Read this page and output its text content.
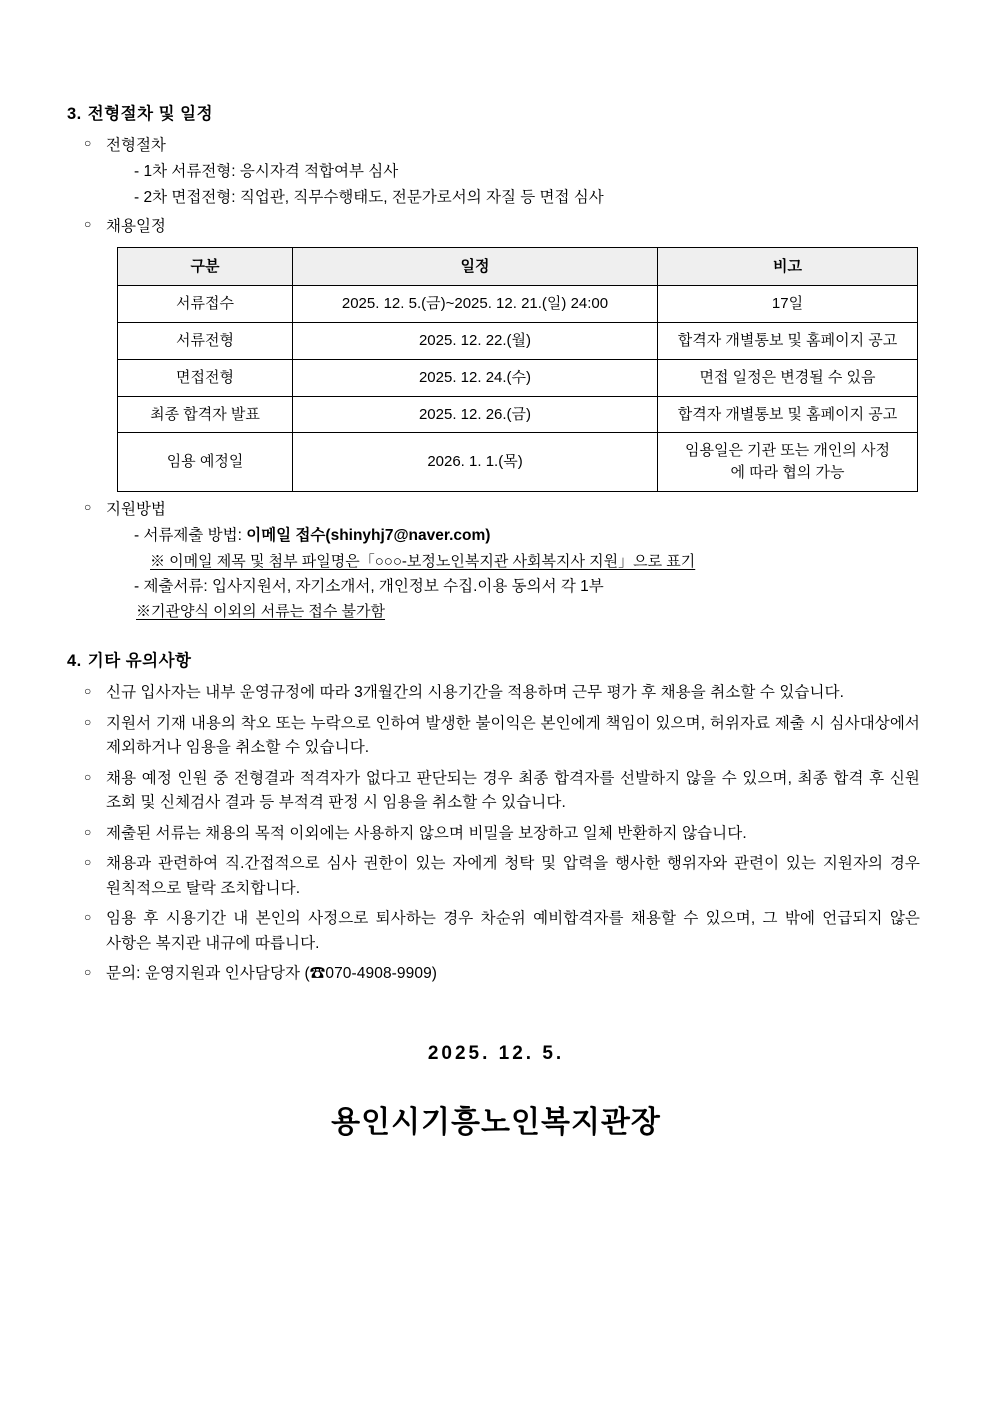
3. 전형절차 및 일정
○ 전형절차
- 1차 서류전형: 응시자격 적합여부 심사
- 2차 면접전형: 직업관, 직무수행태도, 전문가로서의 자질 등 면접 심사
○ 채용일정
구분	일정	비고
서류접수	2025. 12. 5.(금)~2025. 12. 21.(일) 24:00	17일
서류전형	2025. 12. 22.(월)	합격자 개별통보 및 홈페이지 공고
면접전형	2025. 12. 24.(수)	면접 일정은 변경될 수 있음
최종 합격자 발표	2025. 12. 26.(금)	합격자 개별통보 및 홈페이지 공고
임용 예정일	2026. 1. 1.(목)	임용일은 기관 또는 개인의 사정에 따라 협의 가능
○ 지원방법
- 서류제출 방법: 이메일 접수(shinyhj7@naver.com)
※ 이메일 제목 및 첨부 파일명은「○○○-보정노인복지관 사회복지사 지원」으로 표기
- 제출서류: 입사지원서, 자기소개서, 개인정보 수집.이용 동의서 각 1부
※기관양식 이외의 서류는 접수 불가함
4. 기타 유의사항
○ 신규 입사자는 내부 운영규정에 따라 3개월간의 시용기간을 적용하며 근무 평가 후 채용을 취소할 수 있습니다.
○ 지원서 기재 내용의 착오 또는 누락으로 인하여 발생한 불이익은 본인에게 책임이 있으며, 허위자료 제출 시 심사대상에서 제외하거나 임용을 취소할 수 있습니다.
○ 채용 예정 인원 중 전형결과 적격자가 없다고 판단되는 경우 최종 합격자를 선발하지 않을 수 있으며, 최종 합격 후 신원 조회 및 신체검사 결과 등 부적격 판정 시 임용을 취소할 수 있습니다.
○ 제출된 서류는 채용의 목적 이외에는 사용하지 않으며 비밀을 보장하고 일체 반환하지 않습니다.
○ 채용과 관련하여 직.간접적으로 심사 권한이 있는 자에게 청탁 및 압력을 행사한 행위자와 관련이 있는 지원자의 경우 원칙적으로 탈락 조치합니다.
○ 임용 후 시용기간 내 본인의 사정으로 퇴사하는 경우 차순위 예비합격자를 채용할 수 있으며, 그 밖에 언급되지 않은 사항은 복지관 내규에 따릅니다.
○ 문의: 운영지원과 인사담당자 (☎070-4908-9909)
2025. 12. 5.
용인시기흥노인복지관장
